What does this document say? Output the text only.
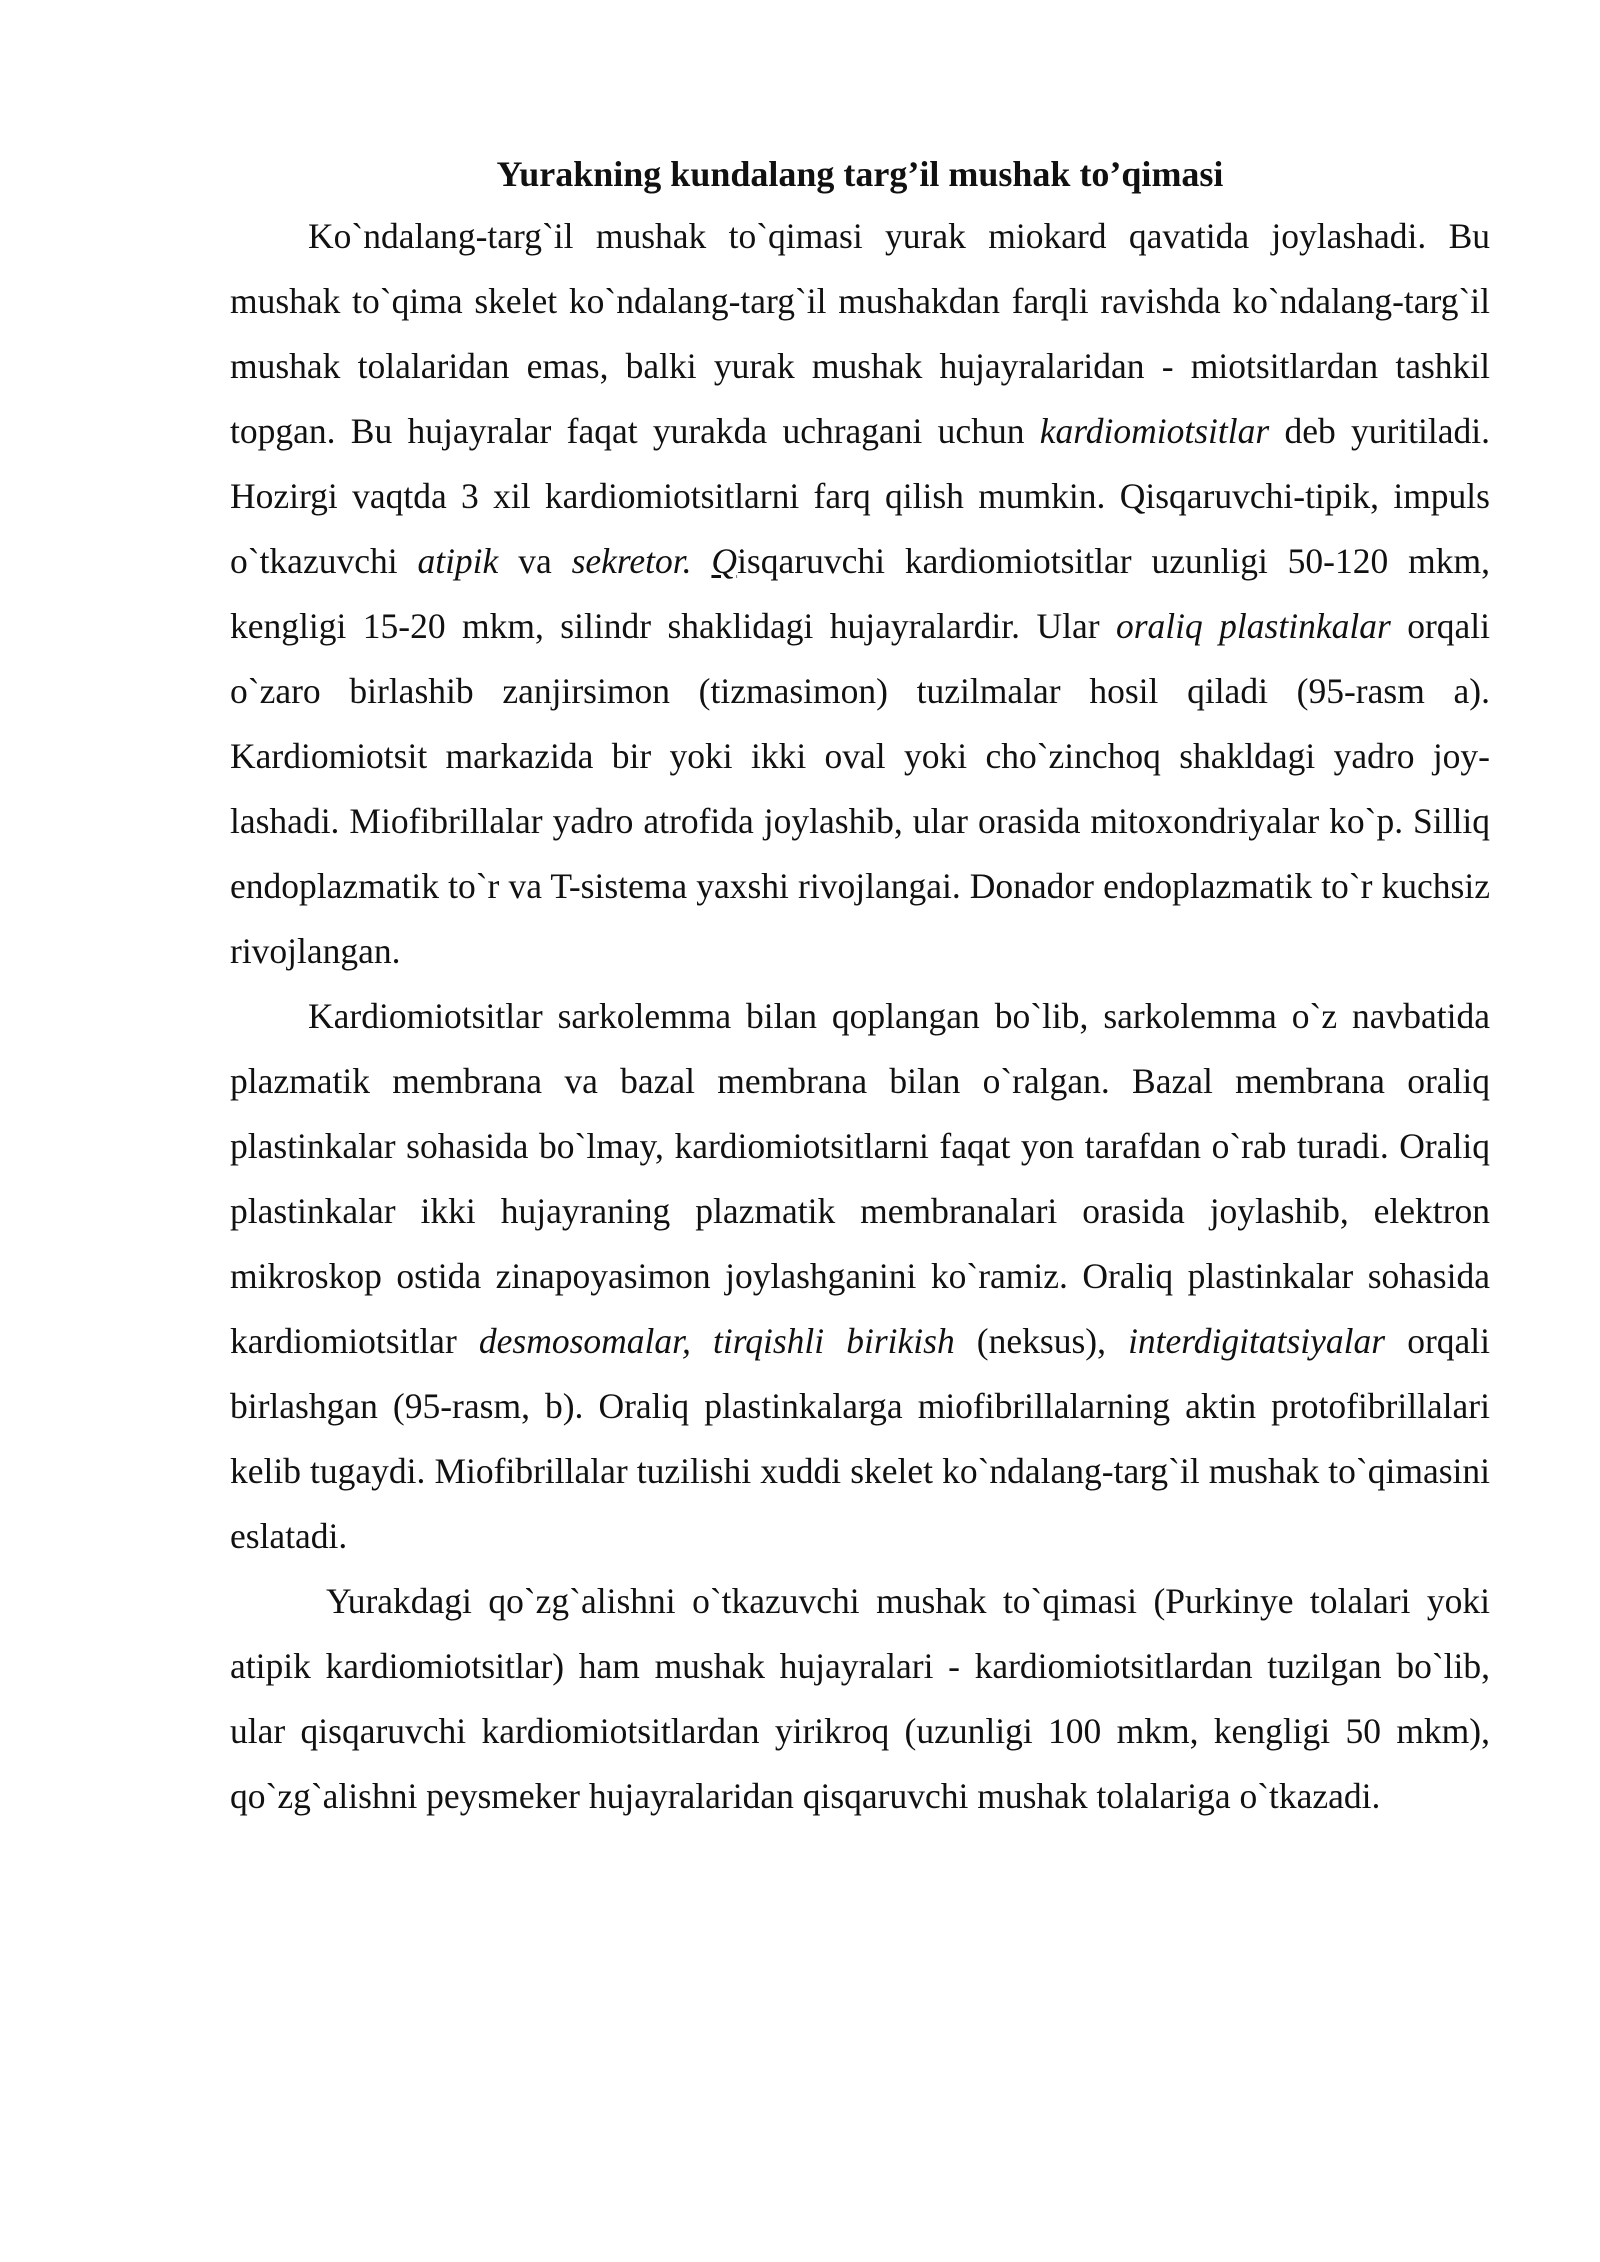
Yurakning kundalang targ’il mushak to’qimasi

Ko`ndalang-targ`il mushak to`qimasi yurak miokard qavatida joylashadi. Bu mushak to`qima skelet ko`ndalang-targ`il mushakdan farqli ravishda ko`ndalang-targ`il mushak tolalaridan emas, balki yurak mushak hujayralaridan - miotsitlardan tashkil topgan. Bu hujayralar faqat yurakda uchragani uchun kardiomiotsitlar deb yuritiladi. Hozirgi vaqtda 3 xil kardiomiotsitlarni farq qilish mumkin. Qisqaruvchi-tipik, impuls o`tkazuvchi atipik va sekretor. Qisqaruvchi kardiomiotsitlar uzunligi 50-120 mkm, kengligi 15-20 mkm, silindr shaklidagi hujayralardir. Ular oraliq plastinkalar orqali o`zaro birlashib zanjirsimon (tizmasimon) tuzilmalar hosil qiladi (95-rasm a). Kardiomiotsit markazida bir yoki ikki oval yoki cho`zinchoq shakldagi yadro joy-lashadi. Miofibrillalar yadro atrofida joylashib, ular orasida mitoxondriyalar ko`p. Silliq endoplazmatik to`r va T-sistema yaxshi rivojlangai. Donador endoplazmatik to`r kuchsiz rivojlangan.

Kardiomiotsitlar sarkolemma bilan qoplangan bo`lib, sarkolemma o`z navbatida plazmatik membrana va bazal membrana bilan o`ralgan. Bazal membrana oraliq plastinkalar sohasida bo`lmay, kardiomiotsitlarni faqat yon tarafdan o`rab turadi. Oraliq plastinkalar ikki hujayraning plazmatik membranalari orasida joylashib, elektron mikroskop ostida zinapoyasimon joylashganini ko`ramiz. Oraliq plastinkalar sohasida kardiomiotsitlar desmosomalar, tirqishli birikish (neksus), interdigitatsiyalar orqali birlashgan (95-rasm, b). Oraliq plastinkalarga miofibrillalarning aktin protofibrillalari kelib tugaydi. Miofibrillalar tuzilishi xuddi skelet ko`ndalang-targ`il mushak to`qimasini eslatadi.

Yurakdagi qo`zg`alishni o`tkazuvchi mushak to`qimasi (Purkinye tolalari yoki atipik kardiomiotsitlar) ham mushak hujayralari - kardiomiotsitlardan tuzilgan bo`lib, ular qisqaruvchi kardiomiotsitlardan yirikroq (uzunligi 100 mkm, kengligi 50 mkm), qo`zg`alishni peysmeker hujayralaridan qisqaruvchi mushak tolalariga o`tkazadi.
